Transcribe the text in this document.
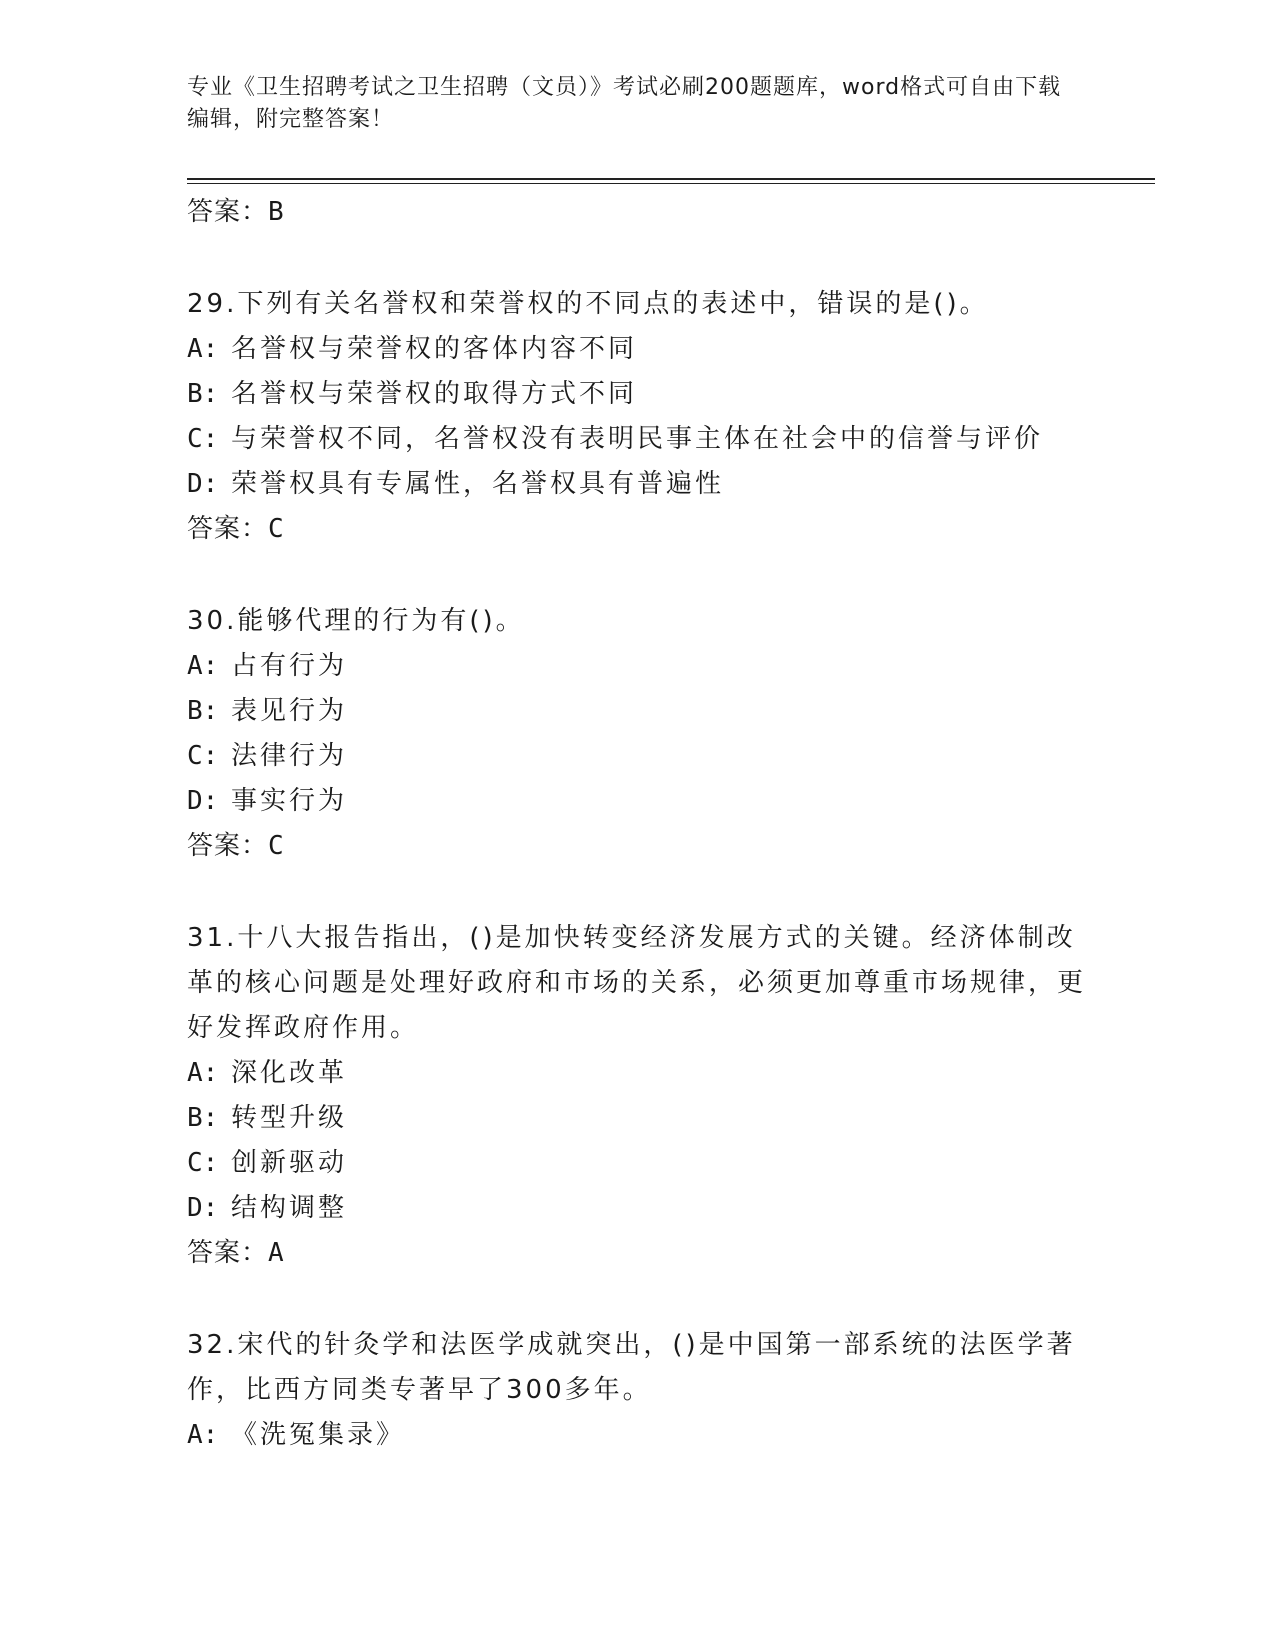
专业《卫生招聘考试之卫生招聘（文员）》考试必刷200题题库，word格式可自由下载编辑，附完整答案！
答案：B

29.下列有关名誉权和荣誉权的不同点的表述中，错误的是()。

A: 名誉权与荣誉权的客体内容不同

B: 名誉权与荣誉权的取得方式不同

C: 与荣誉权不同，名誉权没有表明民事主体在社会中的信誉与评价

D: 荣誉权具有专属性，名誉权具有普遍性

答案：C

30.能够代理的行为有()。

A: 占有行为

B: 表见行为

C: 法律行为

D: 事实行为

答案：C

31.十八大报告指出，()是加快转变经济发展方式的关键。经济体制改革的核心问题是处理好政府和市场的关系，必须更加尊重市场规律，更好发挥政府作用。

A: 深化改革

B: 转型升级

C: 创新驱动

D: 结构调整

答案：A

32.宋代的针灸学和法医学成就突出，()是中国第一部系统的法医学著作，比西方同类专著早了300多年。

A: 《洗冤集录》
